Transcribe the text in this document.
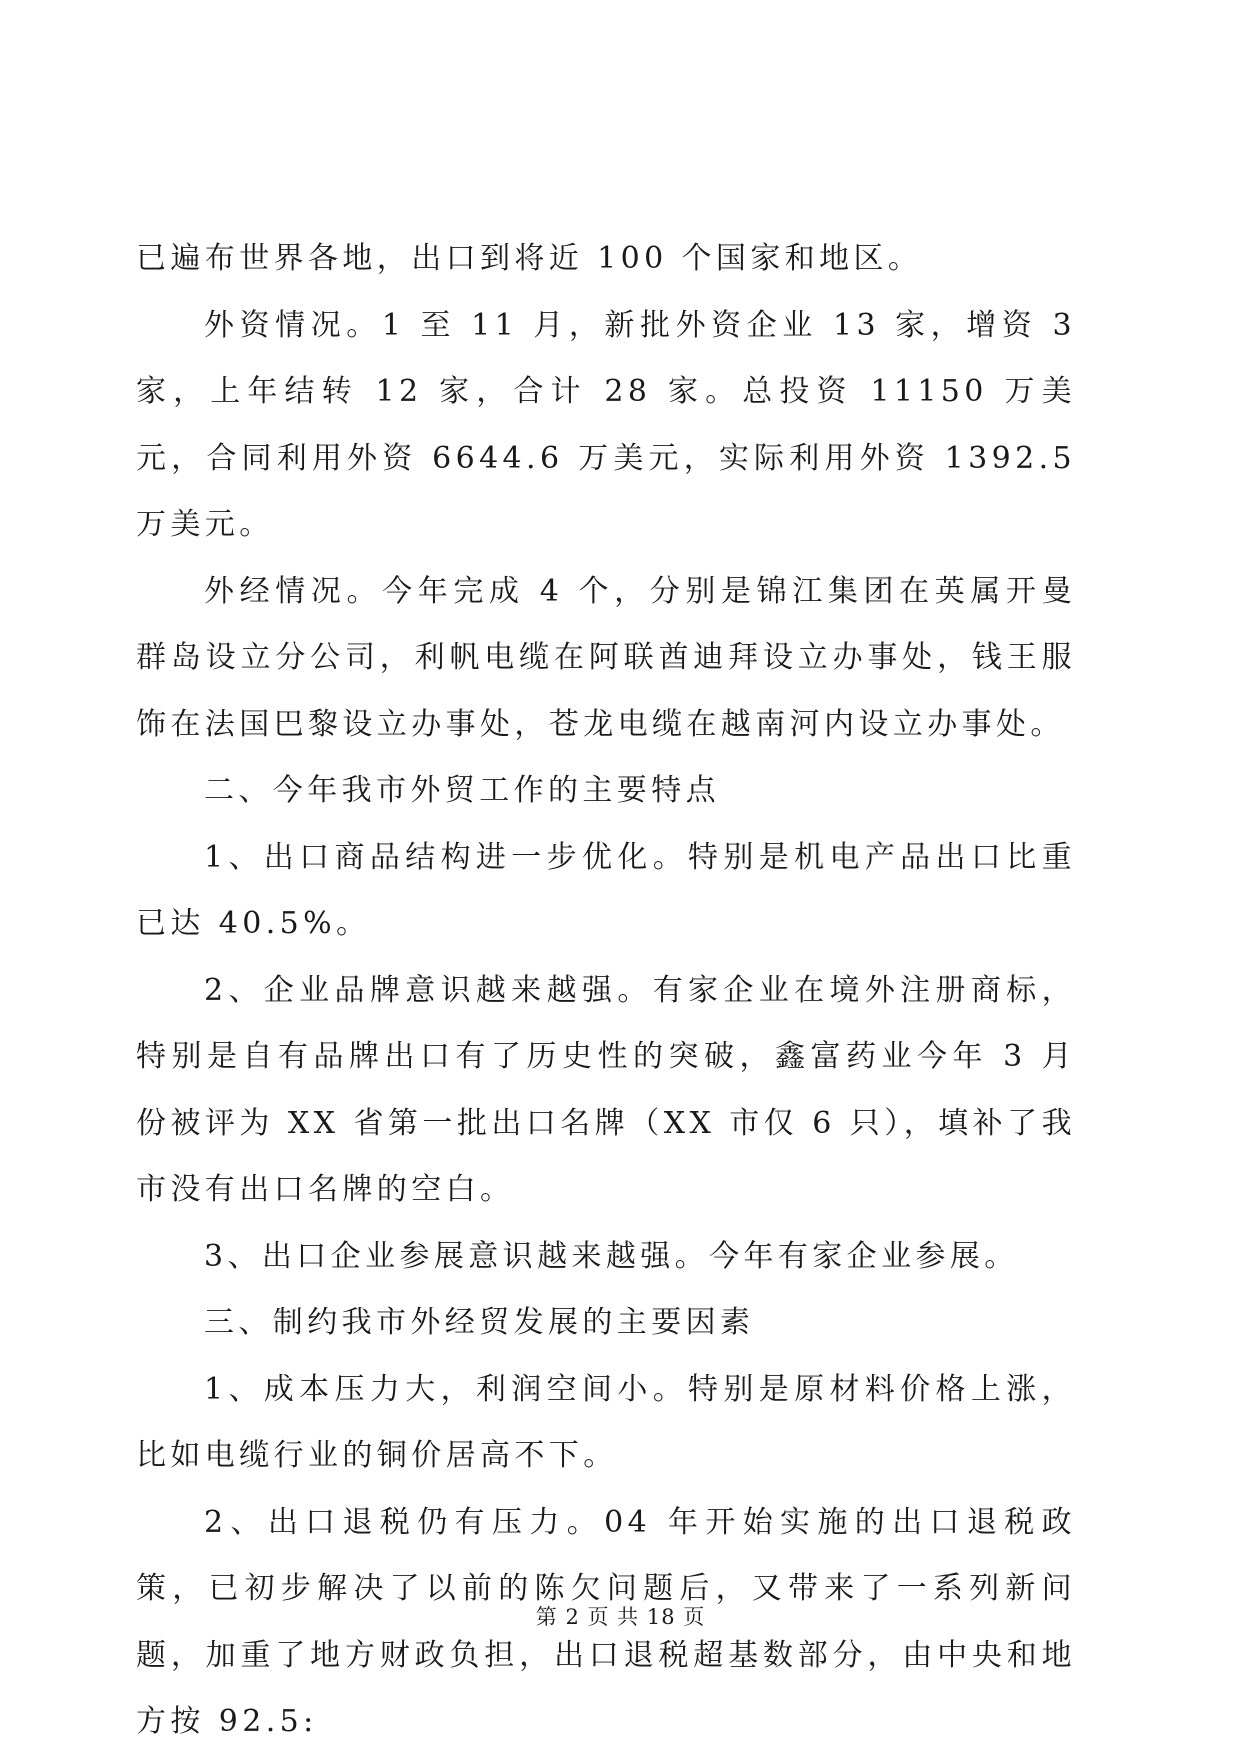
已遍布世界各地，出口到将近 100 个国家和地区。

外资情况。1 至 11 月，新批外资企业 13 家，增资 3 家，上年结转 12 家，合计 28 家。总投资 11150 万美元，合同利用外资 6644.6 万美元，实际利用外资 1392.5 万美元。

外经情况。今年完成 4 个，分别是锦江集团在英属开曼群岛设立分公司，利帆电缆在阿联酋迪拜设立办事处，钱王服饰在法国巴黎设立办事处，苍龙电缆在越南河内设立办事处。

二、今年我市外贸工作的主要特点

1、出口商品结构进一步优化。特别是机电产品出口比重已达 40.5%。

2、企业品牌意识越来越强。有家企业在境外注册商标，特别是自有品牌出口有了历史性的突破，鑫富药业今年 3 月份被评为 XX 省第一批出口名牌（XX 市仅 6 只），填补了我市没有出口名牌的空白。

3、出口企业参展意识越来越强。今年有家企业参展。

三、制约我市外经贸发展的主要因素

1、成本压力大，利润空间小。特别是原材料价格上涨，比如电缆行业的铜价居高不下。

2、出口退税仍有压力。04 年开始实施的出口退税政策，已初步解决了以前的陈欠问题后，又带来了一系列新问题，加重了地方财政负担，出口退税超基数部分，由中央和地方按 92.5:

第 2 页 共 18 页
